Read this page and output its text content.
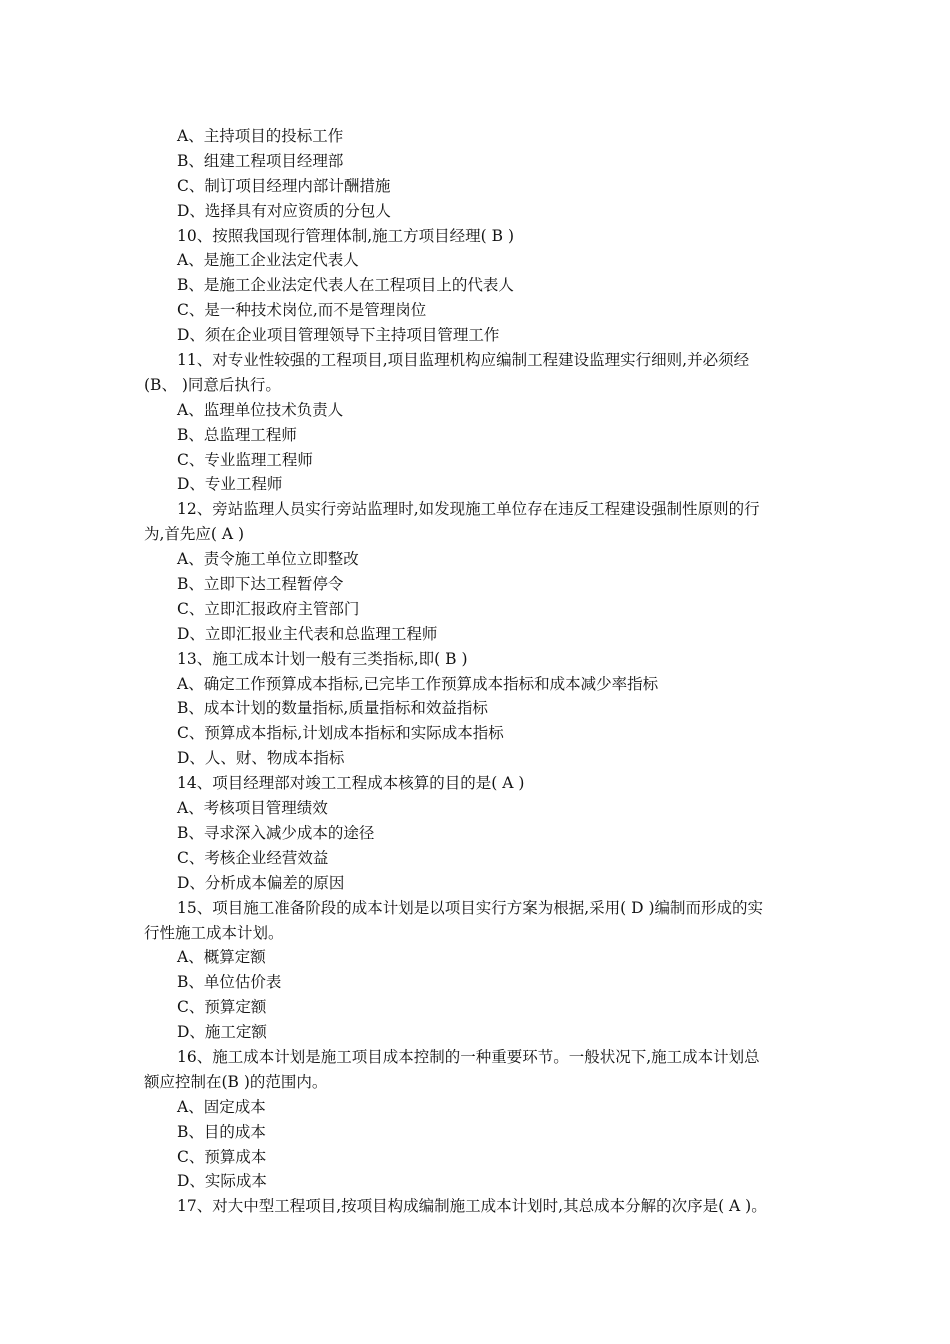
A、主持项目的投标工作
B、组建工程项目经理部
C、制订项目经理内部计酬措施
D、选择具有对应资质的分包人
10、按照我国现行管理体制,施工方项目经理( B )
A、是施工企业法定代表人
B、是施工企业法定代表人在工程项目上的代表人
C、是一种技术岗位,而不是管理岗位
D、须在企业项目管理领导下主持项目管理工作
11、对专业性较强的工程项目,项目监理机构应编制工程建设监理实行细则,并必须经
(B、 )同意后执行。
A、监理单位技术负责人
B、总监理工程师
C、专业监理工程师
D、专业工程师
12、旁站监理人员实行旁站监理时,如发现施工单位存在违反工程建设强制性原则的行
为,首先应( A )
A、责令施工单位立即整改
B、立即下达工程暂停令
C、立即汇报政府主管部门
D、立即汇报业主代表和总监理工程师
13、施工成本计划一般有三类指标,即( B )
A、确定工作预算成本指标,已完毕工作预算成本指标和成本减少率指标
B、成本计划的数量指标,质量指标和效益指标
C、预算成本指标,计划成本指标和实际成本指标
D、人、财、物成本指标
14、项目经理部对竣工工程成本核算的目的是( A )
A、考核项目管理绩效
B、寻求深入减少成本的途径
C、考核企业经营效益
D、分析成本偏差的原因
15、项目施工准备阶段的成本计划是以项目实行方案为根据,采用( D )编制而形成的实
行性施工成本计划。
A、概算定额
B、单位估价表
C、预算定额
D、施工定额
16、施工成本计划是施工项目成本控制的一种重要环节。一般状况下,施工成本计划总
额应控制在(B )的范围内。
A、固定成本
B、目的成本
C、预算成本
D、实际成本
17、对大中型工程项目,按项目构成编制施工成本计划时,其总成本分解的次序是( A )。
